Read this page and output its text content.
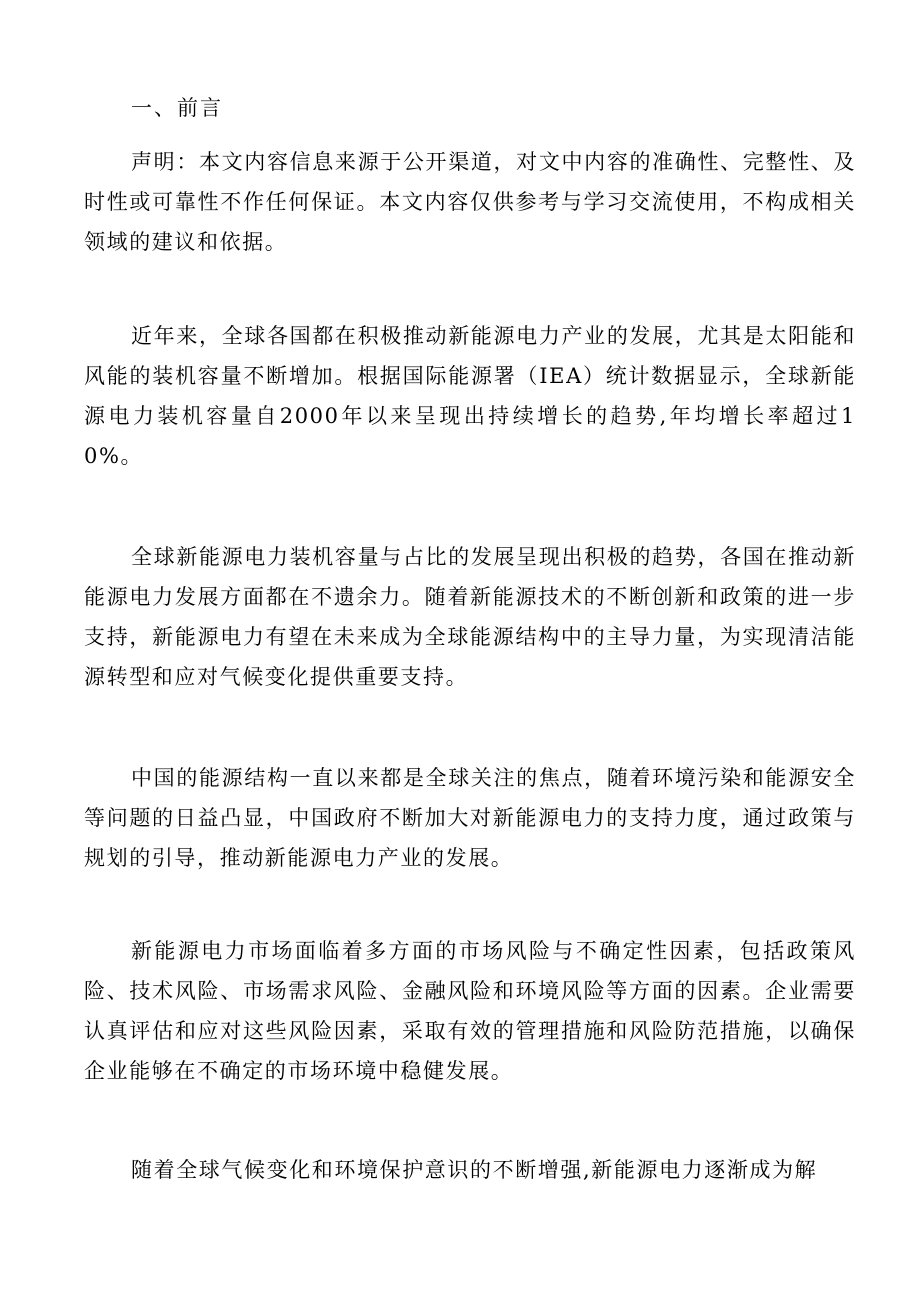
一、前言

声明：本文内容信息来源于公开渠道，对文中内容的准确性、完整性、及时性或可靠性不作任何保证。本文内容仅供参考与学习交流使用，不构成相关领域的建议和依据。

近年来，全球各国都在积极推动新能源电力产业的发展，尤其是太阳能和风能的装机容量不断增加。根据国际能源署（IEA）统计数据显示，全球新能源电力装机容量自2000年以来呈现出持续增长的趋势,年均增长率超过10%。

全球新能源电力装机容量与占比的发展呈现出积极的趋势，各国在推动新能源电力发展方面都在不遗余力。随着新能源技术的不断创新和政策的进一步支持，新能源电力有望在未来成为全球能源结构中的主导力量，为实现清洁能源转型和应对气候变化提供重要支持。

中国的能源结构一直以来都是全球关注的焦点，随着环境污染和能源安全等问题的日益凸显，中国政府不断加大对新能源电力的支持力度，通过政策与规划的引导，推动新能源电力产业的发展。

新能源电力市场面临着多方面的市场风险与不确定性因素，包括政策风险、技术风险、市场需求风险、金融风险和环境风险等方面的因素。企业需要认真评估和应对这些风险因素，采取有效的管理措施和风险防范措施，以确保企业能够在不确定的市场环境中稳健发展。

随着全球气候变化和环境保护意识的不断增强,新能源电力逐渐成为解
